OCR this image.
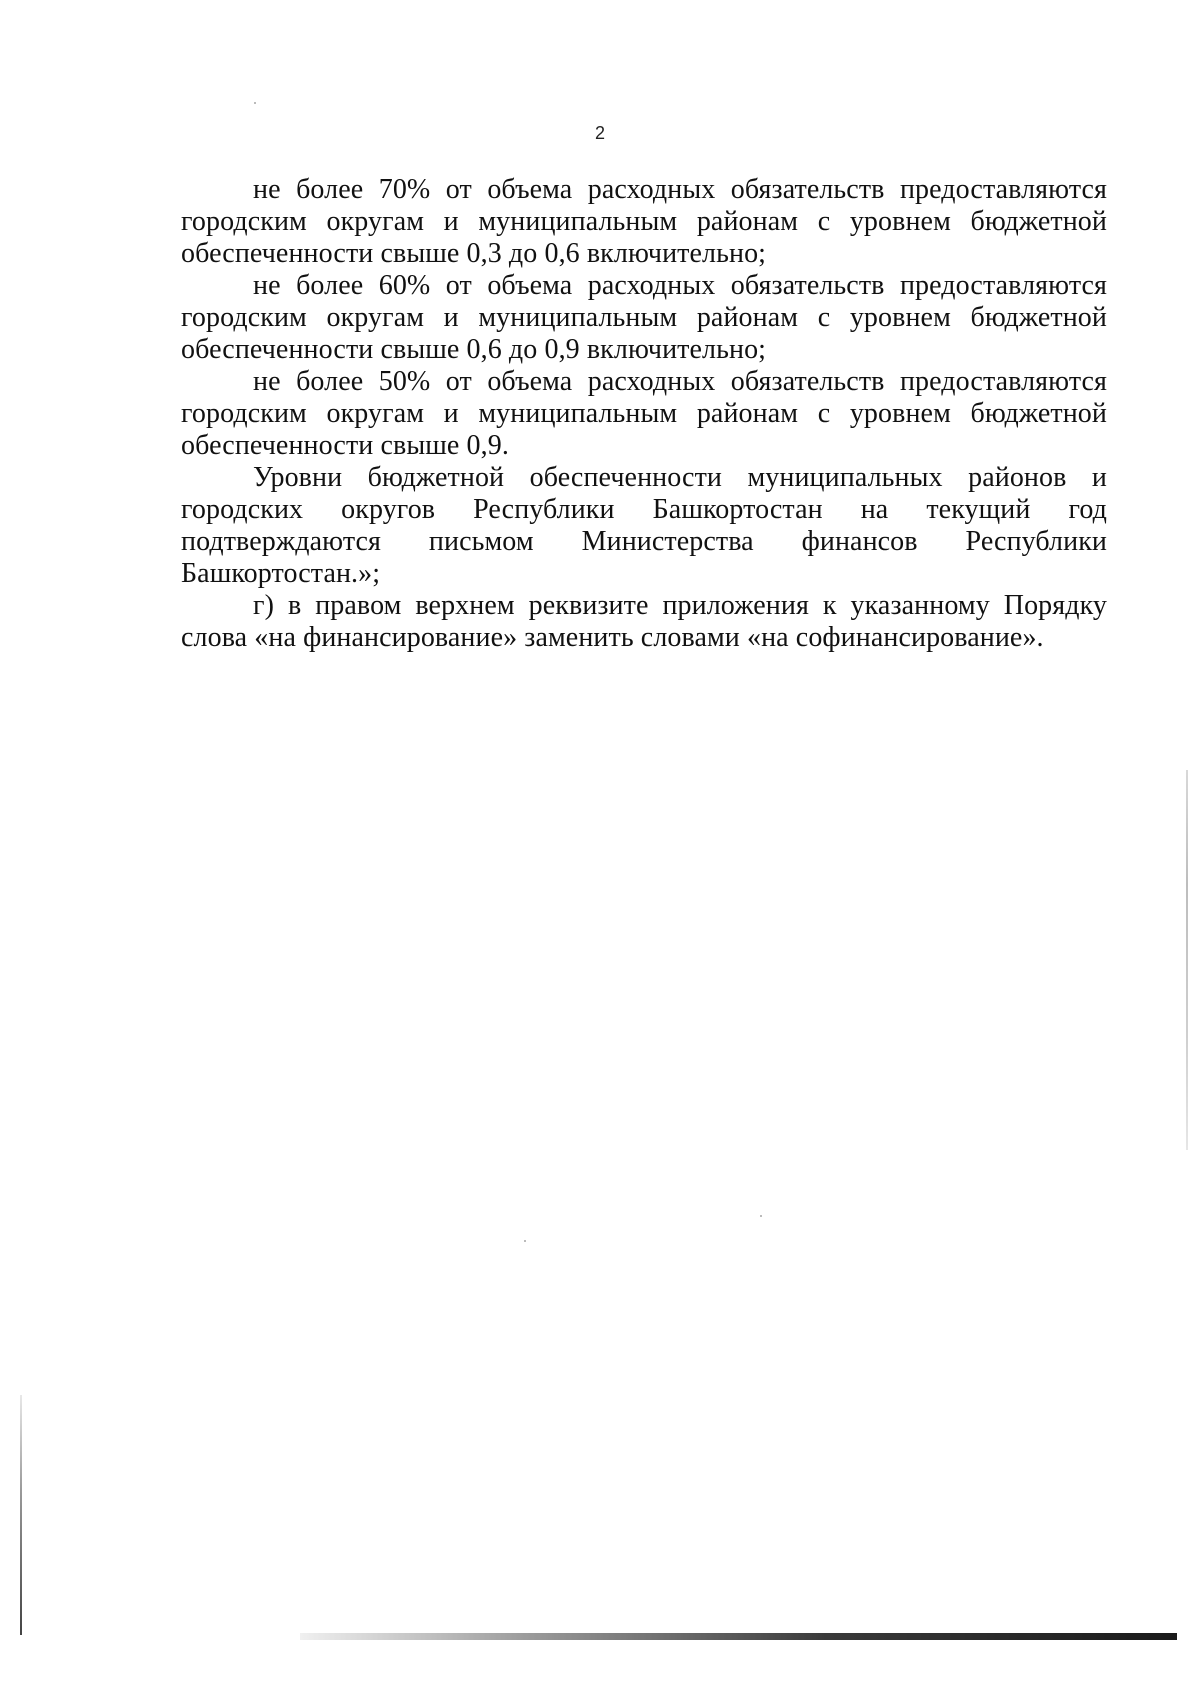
2

не более 70% от объема расходных обязательств предоставляются городским округам и муниципальным районам с уровнем бюджетной обеспеченности свыше 0,3 до 0,6 включительно;

не более 60% от объема расходных обязательств предоставляются городским округам и муниципальным районам с уровнем бюджетной обеспеченности свыше 0,6 до 0,9 включительно;

не более 50% от объема расходных обязательств предоставляются городским округам и муниципальным районам с уровнем бюджетной обеспеченности свыше 0,9.

Уровни бюджетной обеспеченности муниципальных районов и городских округов Республики Башкортостан на текущий год подтверждаются письмом Министерства финансов Республики Башкортостан.»;

г) в правом верхнем реквизите приложения к указанному Порядку слова «на финансирование» заменить словами «на софинансирование».
